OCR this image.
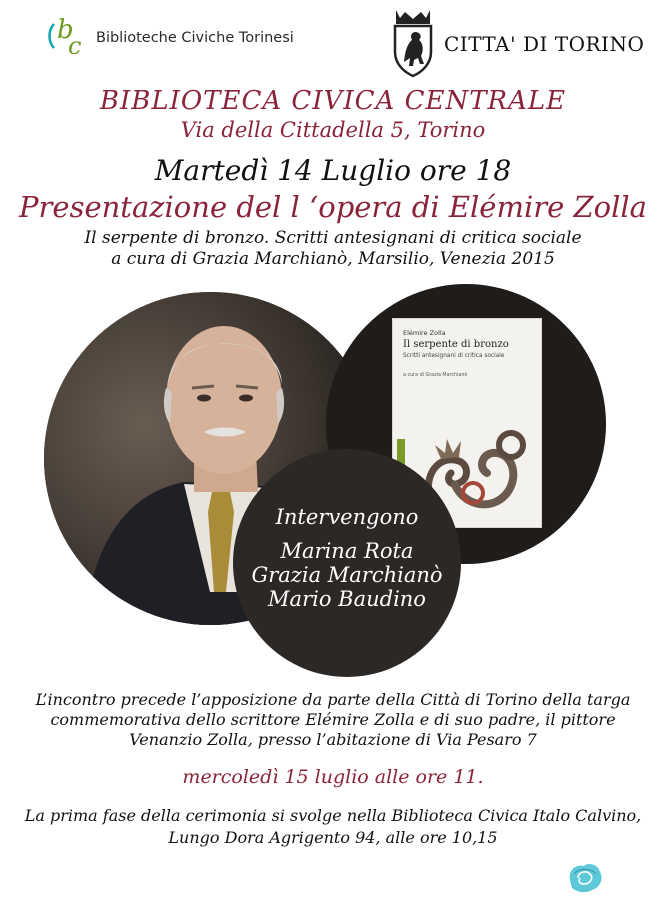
b
c Biblioteche Civiche Torinesi	CITTA' DI TORINO
BIBLIOTECA CIVICA CENTRALE
Via della Cittadella 5, Torino
Martedì 14 Luglio ore 18
Presentazione del l ‘opera di Elémire Zolla
Il serpente di bronzo. Scritti antesignani di critica sociale
a cura di Grazia Marchianò, Marsilio, Venezia 2015
Elémire Zolla
Il serpente di bronzo
Scritti antesignani di critica sociale
a cura di Grazia Marchianò
Intervengono
Marina Rota
Grazia Marchianò
Mario Baudino
L’incontro precede l’apposizione da parte della Città di Torino della targa
commemorativa dello scrittore Elémire Zolla e di suo padre, il pittore
Venanzio Zolla, presso l’abitazione di Via Pesaro 7
mercoledì 15 luglio alle ore 11.
La prima fase della cerimonia si svolge nella Biblioteca Civica Italo Calvino,
Lungo Dora Agrigento 94, alle ore 10,15
